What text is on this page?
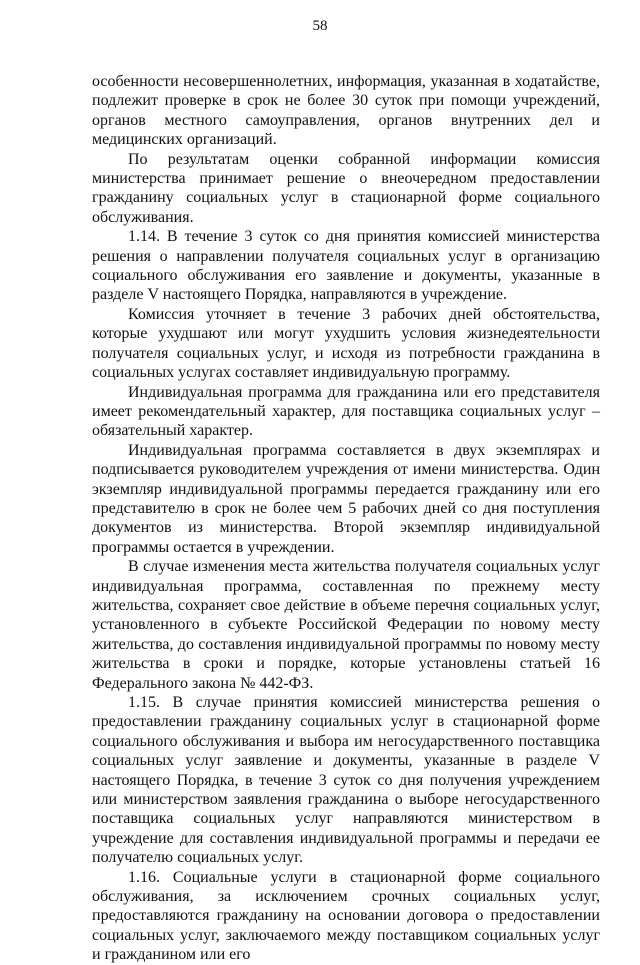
58

особенности несовершеннолетних, информация, указанная в ходатайстве, подлежит проверке в срок не более 30 суток при помощи учреждений, органов местного самоуправления, органов внутренних дел и медицинских организаций.

По результатам оценки собранной информации комиссия министерства принимает решение о внеочередном предоставлении гражданину социальных услуг в стационарной форме социального обслуживания.

1.14. В течение 3 суток со дня принятия комиссией министерства решения о направлении получателя социальных услуг в организацию социального обслуживания его заявление и документы, указанные в разделе V настоящего Порядка, направляются в учреждение.

Комиссия уточняет в течение 3 рабочих дней обстоятельства, которые ухудшают или могут ухудшить условия жизнедеятельности получателя социальных услуг, и исходя из потребности гражданина в социальных услугах составляет индивидуальную программу.

Индивидуальная программа для гражданина или его представителя имеет рекомендательный характер, для поставщика социальных услуг – обязательный характер.

Индивидуальная программа составляется в двух экземплярах и подписывается руководителем учреждения от имени министерства. Один экземпляр индивидуальной программы передается гражданину или его представителю в срок не более чем 5 рабочих дней со дня поступления документов из министерства. Второй экземпляр индивидуальной программы остается в учреждении.

В случае изменения места жительства получателя социальных услуг индивидуальная программа, составленная по прежнему месту жительства, сохраняет свое действие в объеме перечня социальных услуг, установленного в субъекте Российской Федерации по новому месту жительства, до составления индивидуальной программы по новому месту жительства в сроки и порядке, которые установлены статьей 16 Федерального закона № 442-ФЗ.

1.15. В случае принятия комиссией министерства решения о предоставлении гражданину социальных услуг в стационарной форме социального обслуживания и выбора им негосударственного поставщика социальных услуг заявление и документы, указанные в разделе V настоящего Порядка, в течение 3 суток со дня получения учреждением или министерством заявления гражданина о выборе негосударственного поставщика социальных услуг направляются министерством в учреждение для составления индивидуальной программы и передачи ее получателю социальных услуг.

1.16. Социальные услуги в стационарной форме социального обслуживания, за исключением срочных социальных услуг, предоставляются гражданину на основании договора о предоставлении социальных услуг, заключаемого между поставщиком социальных услуг и гражданином или его
